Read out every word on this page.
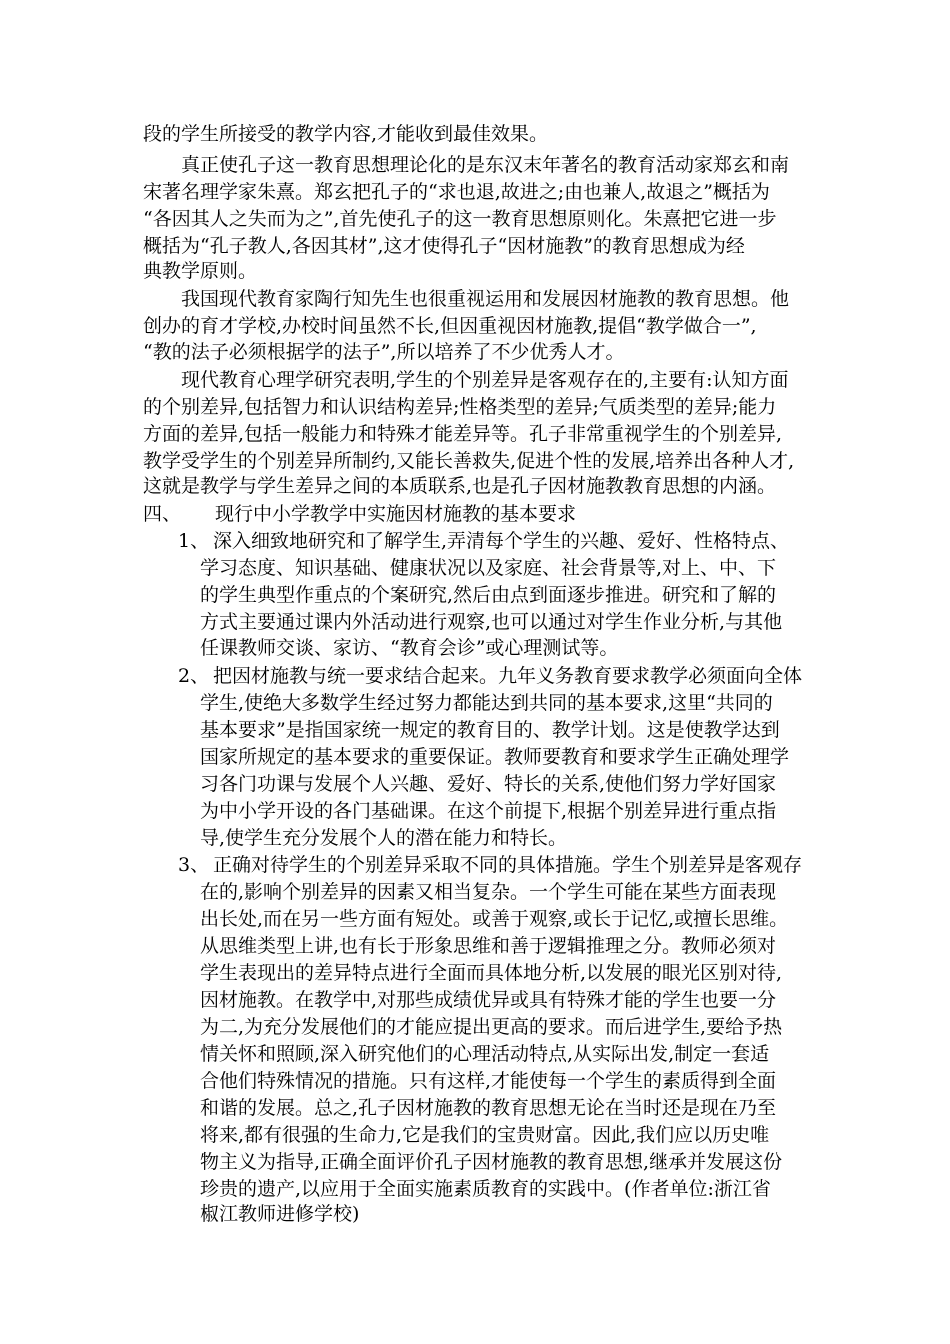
段的学生所接受的教学内容,才能收到最佳效果。
真正使孔子这一教育思想理论化的是东汉末年著名的教育活动家郑玄和南
宋著名理学家朱熹。郑玄把孔子的“求也退,故进之;由也兼人,故退之”概括为
“各因其人之失而为之”,首先使孔子的这一教育思想原则化。朱熹把它进一步
概括为“孔子教人,各因其材”,这才使得孔子“因材施教”的教育思想成为经
典教学原则。
我国现代教育家陶行知先生也很重视运用和发展因材施教的教育思想。他
创办的育才学校,办校时间虽然不长,但因重视因材施教,提倡“教学做合一”,
“教的法子必须根据学的法子”,所以培养了不少优秀人才。
现代教育心理学研究表明,学生的个别差异是客观存在的,主要有:认知方面
的个别差异,包括智力和认识结构差异;性格类型的差异;气质类型的差异;能力
方面的差异,包括一般能力和特殊才能差异等。孔子非常重视学生的个别差异,
教学受学生的个别差异所制约,又能长善救失,促进个性的发展,培养出各种人才,
这就是教学与学生差异之间的本质联系,也是孔子因材施教教育思想的内涵。
四、 现行中小学教学中实施因材施教的基本要求
1、 深入细致地研究和了解学生,弄清每个学生的兴趣、爱好、性格特点、
学习态度、知识基础、健康状况以及家庭、社会背景等,对上、中、下
的学生典型作重点的个案研究,然后由点到面逐步推进。研究和了解的
方式主要通过课内外活动进行观察,也可以通过对学生作业分析,与其他
任课教师交谈、家访、“教育会诊”或心理测试等。
2、 把因材施教与统一要求结合起来。九年义务教育要求教学必须面向全体
学生,使绝大多数学生经过努力都能达到共同的基本要求,这里“共同的
基本要求”是指国家统一规定的教育目的、教学计划。这是使教学达到
国家所规定的基本要求的重要保证。教师要教育和要求学生正确处理学
习各门功课与发展个人兴趣、爱好、特长的关系,使他们努力学好国家
为中小学开设的各门基础课。在这个前提下,根据个别差异进行重点指
导,使学生充分发展个人的潜在能力和特长。
3、 正确对待学生的个别差异采取不同的具体措施。学生个别差异是客观存
在的,影响个别差异的因素又相当复杂。一个学生可能在某些方面表现
出长处,而在另一些方面有短处。或善于观察,或长于记忆,或擅长思维。
从思维类型上讲,也有长于形象思维和善于逻辑推理之分。教师必须对
学生表现出的差异特点进行全面而具体地分析,以发展的眼光区别对待,
因材施教。在教学中,对那些成绩优异或具有特殊才能的学生也要一分
为二,为充分发展他们的才能应提出更高的要求。而后进学生,要给予热
情关怀和照顾,深入研究他们的心理活动特点,从实际出发,制定一套适
合他们特殊情况的措施。只有这样,才能使每一个学生的素质得到全面
和谐的发展。总之,孔子因材施教的教育思想无论在当时还是现在乃至
将来,都有很强的生命力,它是我们的宝贵财富。因此,我们应以历史唯
物主义为指导,正确全面评价孔子因材施教的教育思想,继承并发展这份
珍贵的遗产,以应用于全面实施素质教育的实践中。(作者单位:浙江省
椒江教师进修学校)
